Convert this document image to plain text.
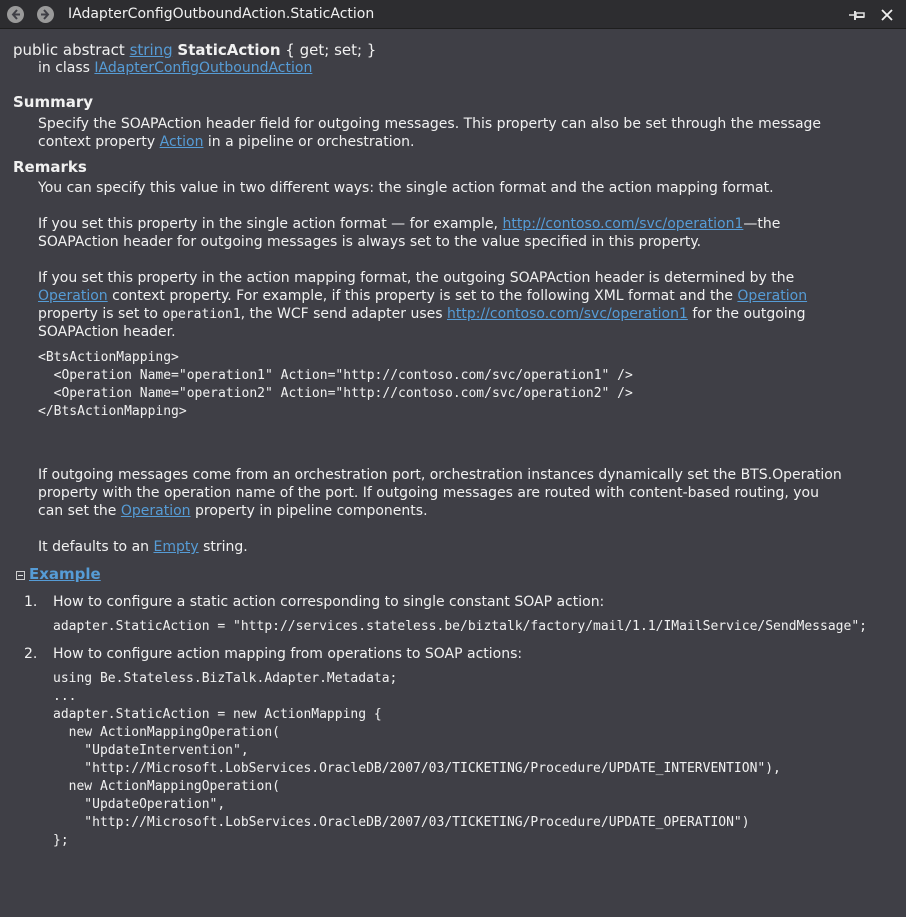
IAdapterConfigOutboundAction.StaticAction
public abstract string StaticAction { get; set; }
in class IAdapterConfigOutboundAction
Summary
Specify the SOAPAction header field for outgoing messages. This property can also be set through the message
context property Action in a pipeline or orchestration.
Remarks
You can specify this value in two different ways: the single action format and the action mapping format.
If you set this property in the single action format — for example, http://contoso.com/svc/operation1—the
SOAPAction header for outgoing messages is always set to the value specified in this property.
If you set this property in the action mapping format, the outgoing SOAPAction header is determined by the
Operation context property. For example, if this property is set to the following XML format and the Operation
property is set to operation1, the WCF send adapter uses http://contoso.com/svc/operation1 for the outgoing
SOAPAction header.
<BtsActionMapping>
<Operation Name="operation1" Action="http://contoso.com/svc/operation1" />
<Operation Name="operation2" Action="http://contoso.com/svc/operation2" />
</BtsActionMapping>
If outgoing messages come from an orchestration port, orchestration instances dynamically set the BTS.Operation
property with the operation name of the port. If outgoing messages are routed with content-based routing, you
can set the Operation property in pipeline components.
It defaults to an Empty string.
Example
1. How to configure a static action corresponding to single constant SOAP action:
adapter.StaticAction = "http://services.stateless.be/biztalk/factory/mail/1.1/IMailService/SendMessage";
2. How to configure action mapping from operations to SOAP actions:
using Be.Stateless.BizTalk.Adapter.Metadata;
...
adapter.StaticAction = new ActionMapping {
new ActionMappingOperation(
"UpdateIntervention",
"http://Microsoft.LobServices.OracleDB/2007/03/TICKETING/Procedure/UPDATE_INTERVENTION"),
new ActionMappingOperation(
"UpdateOperation",
"http://Microsoft.LobServices.OracleDB/2007/03/TICKETING/Procedure/UPDATE_OPERATION")
};
